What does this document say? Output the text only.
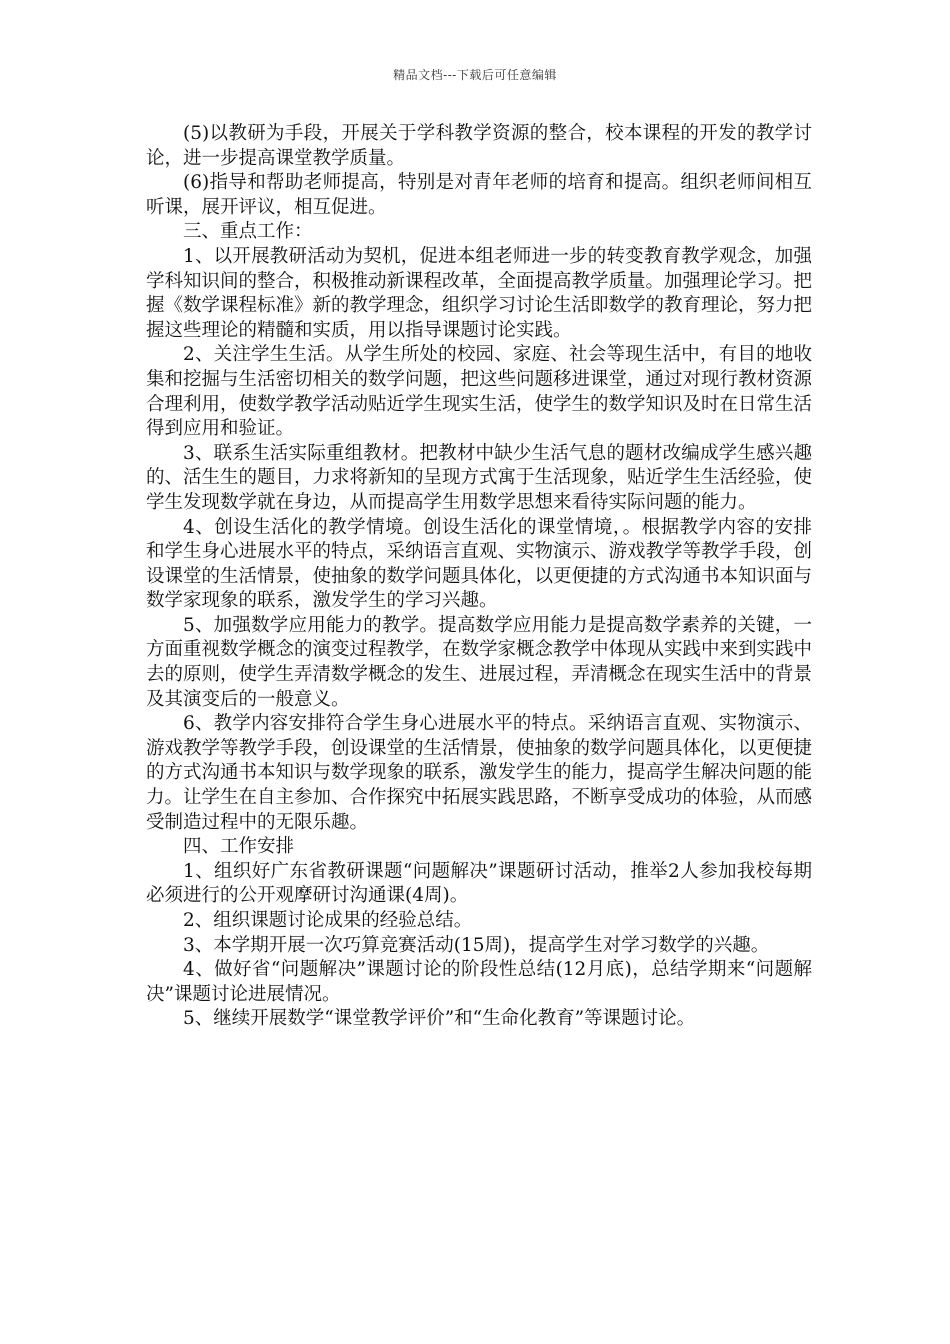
精品文档---下载后可任意编辑

(5)以教研为手段，开展关于学科教学资源的整合，校本课程的开发的教学讨论，进一步提高课堂教学质量。

(6)指导和帮助老师提高，特别是对青年老师的培育和提高。组织老师间相互听课，展开评议，相互促进。

三、重点工作：

1、以开展教研活动为契机，促进本组老师进一步的转变教育教学观念，加强学科知识间的整合，积极推动新课程改革，全面提高教学质量。加强理论学习。把握《数学课程标准》新的教学理念，组织学习讨论生活即数学的教育理论，努力把握这些理论的精髓和实质，用以指导课题讨论实践。

2、关注学生生活。从学生所处的校园、家庭、社会等现生活中，有目的地收集和挖掘与生活密切相关的数学问题，把这些问题移进课堂，通过对现行教材资源合理利用，使数学教学活动贴近学生现实生活，使学生的数学知识及时在日常生活得到应用和验证。

3、联系生活实际重组教材。把教材中缺少生活气息的题材改编成学生感兴趣的、活生生的题目，力求将新知的呈现方式寓于生活现象，贴近学生生活经验，使学生发现数学就在身边，从而提高学生用数学思想来看待实际问题的能力。

4、创设生活化的教学情境。创设生活化的课堂情境，。根据教学内容的安排和学生身心进展水平的特点，采纳语言直观、实物演示、游戏教学等教学手段，创设课堂的生活情景，使抽象的数学问题具体化，以更便捷的方式沟通书本知识面与数学家现象的联系，激发学生的学习兴趣。

5、加强数学应用能力的教学。提高数学应用能力是提高数学素养的关键，一方面重视数学概念的演变过程教学，在数学家概念教学中体现从实践中来到实践中去的原则，使学生弄清数学概念的发生、进展过程，弄清概念在现实生活中的背景及其演变后的一般意义。

6、教学内容安排符合学生身心进展水平的特点。采纳语言直观、实物演示、游戏教学等教学手段，创设课堂的生活情景，使抽象的数学问题具体化，以更便捷的方式沟通书本知识与数学现象的联系，激发学生的能力，提高学生解决问题的能力。让学生在自主参加、合作探究中拓展实践思路，不断享受成功的体验，从而感受制造过程中的无限乐趣。

四、工作安排

1、组织好广东省教研课题“问题解决”课题研讨活动，推举2人参加我校每期必须进行的公开观摩研讨沟通课(4周)。

2、组织课题讨论成果的经验总结。

3、本学期开展一次巧算竞赛活动(15周)，提高学生对学习数学的兴趣。

4、做好省“问题解决”课题讨论的阶段性总结(12月底)，总结学期来“问题解决”课题讨论进展情况。

5、继续开展数学“课堂教学评价”和“生命化教育”等课题讨论。
